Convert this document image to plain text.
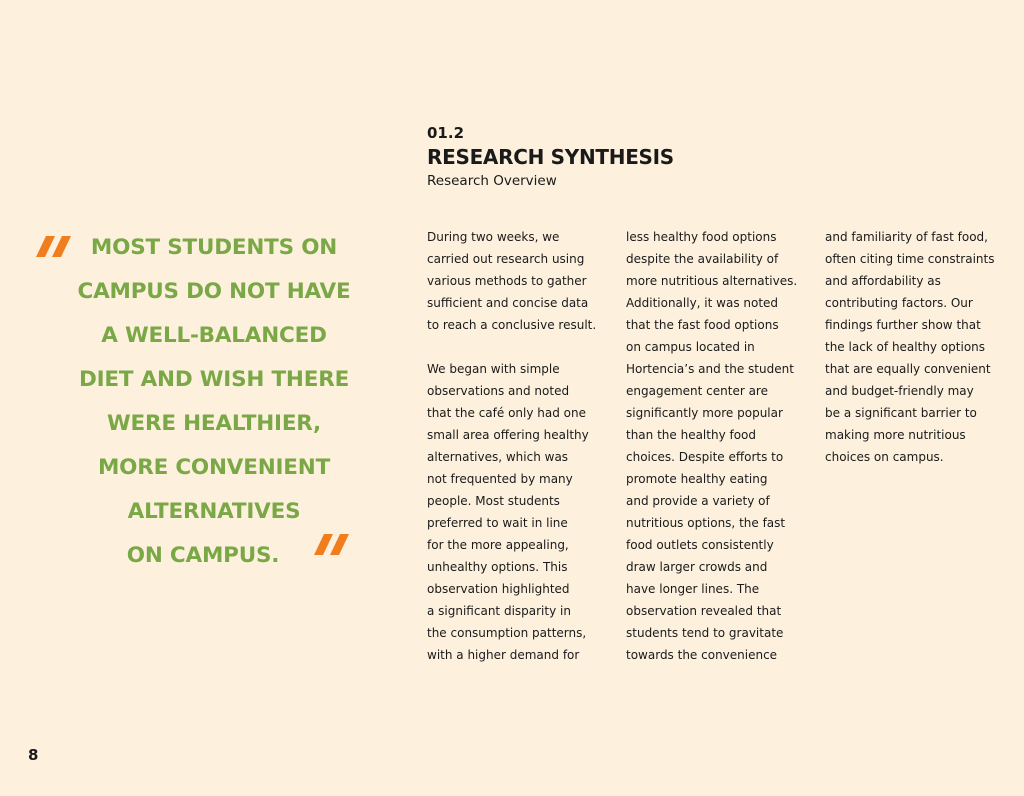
MOST STUDENTS ON
CAMPUS DO NOT HAVE
A WELL-BALANCED
DIET AND WISH THERE
WERE HEALTHIER,
MORE CONVENIENT
ALTERNATIVES
ON CAMPUS.

01.2

RESEARCH SYNTHESIS

Research Overview

During two weeks, we
carried out research using
various methods to gather
sufficient and concise data
to reach a conclusive result.
We began with simple
observations and noted
that the café only had one
small area offering healthy
alternatives, which was
not frequented by many
people. Most students
preferred to wait in line
for the more appealing,
unhealthy options. This
observation highlighted
a significant disparity in
the consumption patterns,
with a higher demand for
less healthy food options
despite the availability of
more nutritious alternatives.
Additionally, it was noted
that the fast food options
on campus located in
Hortencia’s and the student
engagement center are
significantly more popular
than the healthy food
choices. Despite efforts to
promote healthy eating
and provide a variety of
nutritious options, the fast
food outlets consistently
draw larger crowds and
have longer lines. The
observation revealed that
students tend to gravitate
towards the convenience
and familiarity of fast food,
often citing time constraints
and affordability as
contributing factors. Our
findings further show that
the lack of healthy options
that are equally convenient
and budget-friendly may
be a significant barrier to
making more nutritious
choices on campus.
8
